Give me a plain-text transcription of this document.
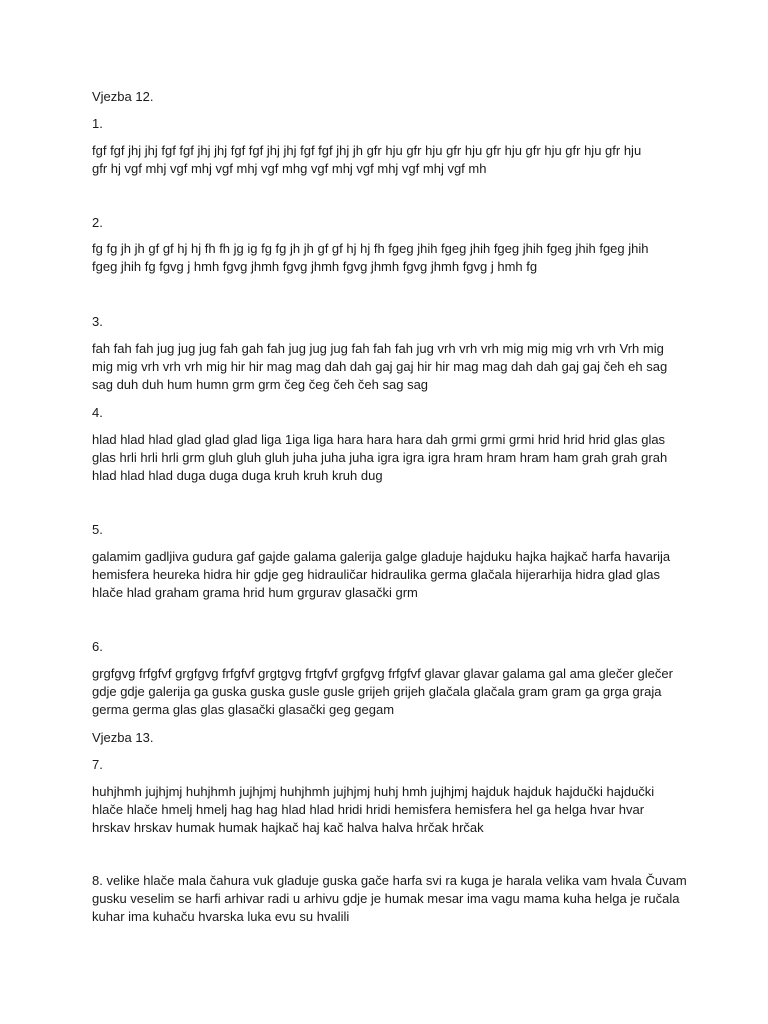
Vjezba 12.
1.
fgf fgf jhj jhj fgf fgf jhj jhj fgf fgf jhj jhj fgf fgf jhj jh gfr hju gfr hju gfr hju gfr hju gfr hju gfr hju gfr hju
gfr hj vgf mhj vgf mhj vgf mhj vgf mhg vgf mhj vgf mhj vgf mhj vgf mh
2.
fg fg jh jh gf gf hj hj fh fh jg ig fg fg jh jh gf gf hj hj fh fgeg jhih fgeg jhih fgeg jhih fgeg jhih fgeg jhih
fgeg jhih fg fgvg j hmh fgvg jhmh fgvg jhmh fgvg jhmh fgvg jhmh fgvg j hmh fg
3.
fah fah fah jug jug jug fah gah fah jug jug jug fah fah fah jug vrh vrh vrh mig mig mig vrh vrh Vrh mig
mig mig vrh vrh vrh mig hir hir mag mag dah dah gaj gaj hir hir mag mag dah dah gaj gaj čeh eh sag
sag duh duh hum humn grm grm čeg čeg čeh čeh sag sag
4.
hlad hlad hlad glad glad glad liga 1iga liga hara hara hara dah grmi grmi grmi hrid hrid hrid glas glas
glas hrli hrli hrli grm gluh gluh gluh juha juha juha igra igra igra hram hram hram ham grah grah grah
hlad hlad hlad duga duga duga kruh kruh kruh dug
5.
galamim gadljiva gudura gaf gajde galama galerija galge gladuje hajduku hajka hajkač harfa havarija
hemisfera heureka hidra hir gdje geg hidrauličar hidraulika germa glačala hijerarhija hidra glad glas
hlače hlad graham grama hrid hum grgurav glasački grm
6.
grgfgvg frfgfvf grgfgvg frfgfvf grgtgvg frtgfvf grgfgvg frfgfvf glavar glavar galama gal ama glečer glečer
gdje gdje galerija ga guska guska gusle gusle grijeh grijeh glačala glačala gram gram ga grga graja
germa germa glas glas glasački glasački geg gegam
Vjezba 13.
7.
huhjhmh jujhjmj huhjhmh jujhjmj huhjhmh jujhjmj huhj hmh jujhjmj hajduk hajduk hajdučki hajdučki
hlače hlače hmelj hmelj hag hag hlad hlad hridi hridi hemisfera hemisfera hel ga helga hvar hvar
hrskav hrskav humak humak hajkač haj kač halva halva hrčak hrčak
8. velike hlače mala čahura vuk gladuje guska gače harfa svi ra kuga je harala velika vam hvala Čuvam
gusku veselim se harfi arhivar radi u arhivu gdje je humak mesar ima vagu mama kuha helga je ručala
kuhar ima kuhaču hvarska luka evu su hvalili
